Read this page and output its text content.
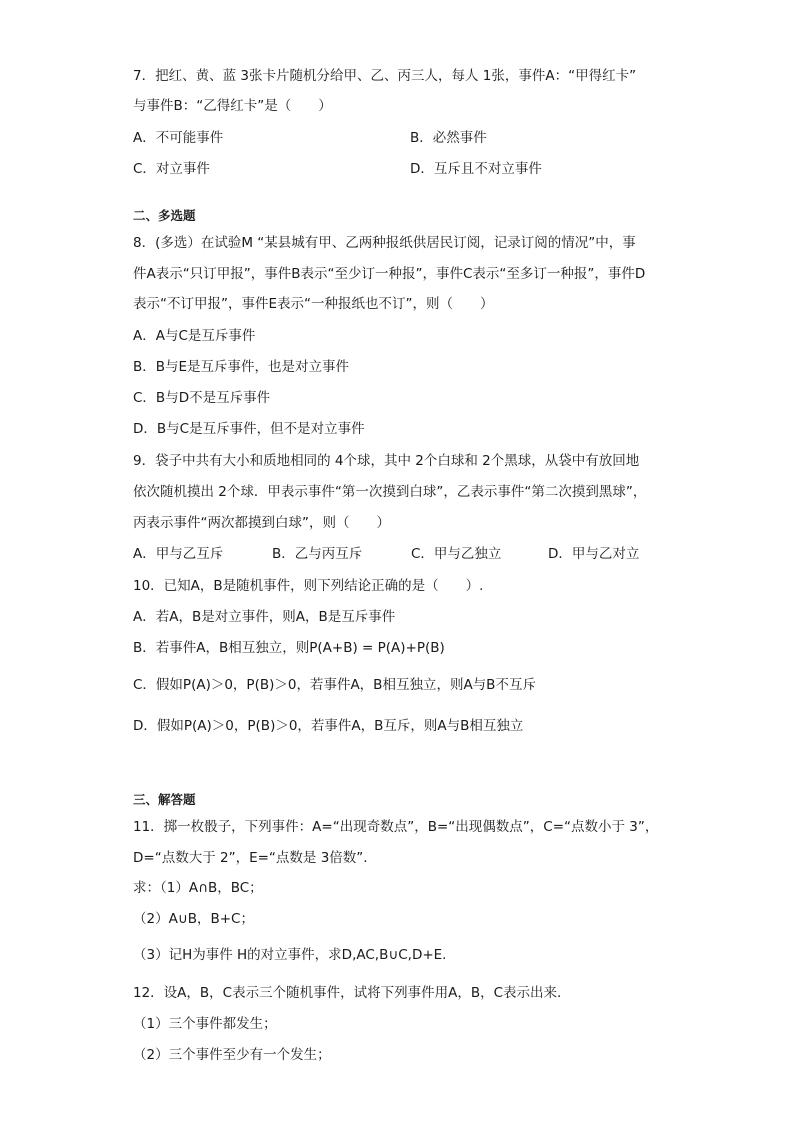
7．把红、黄、蓝 3张卡片随机分给甲、乙、丙三人，每人 1张，事件A：“甲得红卡”
与事件B：“乙得红卡”是（　　）
A．不可能事件	B．必然事件
C．对立事件	D．互斥且不对立事件
二、多选题
8．(多选）在试验M “某县城有甲、乙两种报纸供居民订阅，记录订阅的情况”中，事
件A表示“只订甲报”，事件B表示“至少订一种报”，事件C表示“至多订一种报”，事件D
表示“不订甲报”，事件E表示“一种报纸也不订”，则（　　）
A．A与C是互斥事件
B．B与E是互斥事件，也是对立事件
C．B与D不是互斥事件
D．B与C是互斥事件，但不是对立事件
9．袋子中共有大小和质地相同的 4个球，其中 2个白球和 2个黑球，从袋中有放回地
依次随机摸出 2个球．甲表示事件“第一次摸到白球”，乙表示事件“第二次摸到黑球”，
丙表示事件“两次都摸到白球”，则（　　）
A．甲与乙互斥	B．乙与丙互斥	C．甲与乙独立	D．甲与乙对立
10．已知A，B是随机事件，则下列结论正确的是（　　）.
A．若A，B是对立事件，则A，B是互斥事件
B．若事件A，B相互独立，则P(A+B) = P(A)+P(B)
C．假如P(A)＞0，P(B)＞0，若事件A，B相互独立，则A与B不互斥
D．假如P(A)＞0，P(B)＞0，若事件A，B互斥，则A与B相互独立
三、解答题
11．掷一枚骰子，下列事件：A=“出现奇数点”，B=“出现偶数点”，C=“点数小于 3”，
D=“点数大于 2”，E=“点数是 3倍数”.
求：（1）A∩B，BC；
（2）A∪B，B+C；
（3）记H为事件 H的对立事件，求D,AC,B∪C,D+E.
12．设A，B，C表示三个随机事件，试将下列事件用A，B，C表示出来.
（1）三个事件都发生；
（2）三个事件至少有一个发生；
